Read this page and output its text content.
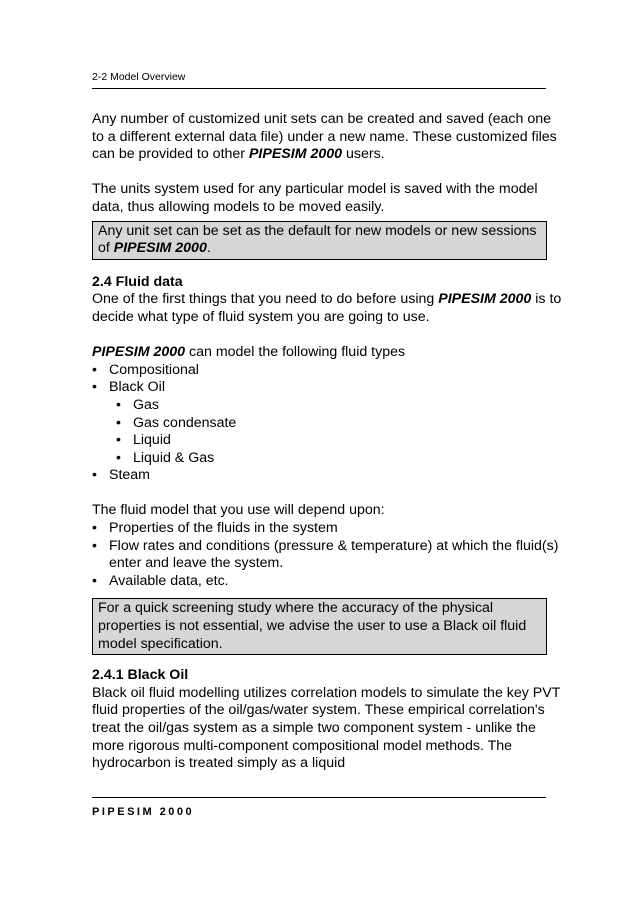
2-2 Model Overview

Any number of customized unit sets can be created and saved (each one to a different external data file) under a new name. These customized files can be provided to other PIPESIM 2000 users.

The units system used for any particular model is saved with the model data, thus allowing models to be moved easily.

Any unit set can be set as the default for new models or new sessions of PIPESIM 2000.
2.4 Fluid data

One of the first things that you need to do before using PIPESIM 2000 is to decide what type of fluid system you are going to use.

PIPESIM 2000 can model the following fluid types

• Compositional
• Black Oil
• Gas
• Gas condensate
• Liquid
• Liquid & Gas
• Steam

The fluid model that you use will depend upon:

• Properties of the fluids in the system
• Flow rates and conditions (pressure & temperature) at which the fluid(s) enter and leave the system.
• Available data, etc.
For a quick screening study where the accuracy of the physical properties is not essential, we advise the user to use a Black oil fluid model specification.
2.4.1 Black Oil

Black oil fluid modelling utilizes correlation models to simulate the key PVT fluid properties of the oil/gas/water system. These empirical correlation's treat the oil/gas system as a simple two component system - unlike the more rigorous multi-component compositional model methods. The hydrocarbon is treated simply as a liquid

PIPESIM 2000
